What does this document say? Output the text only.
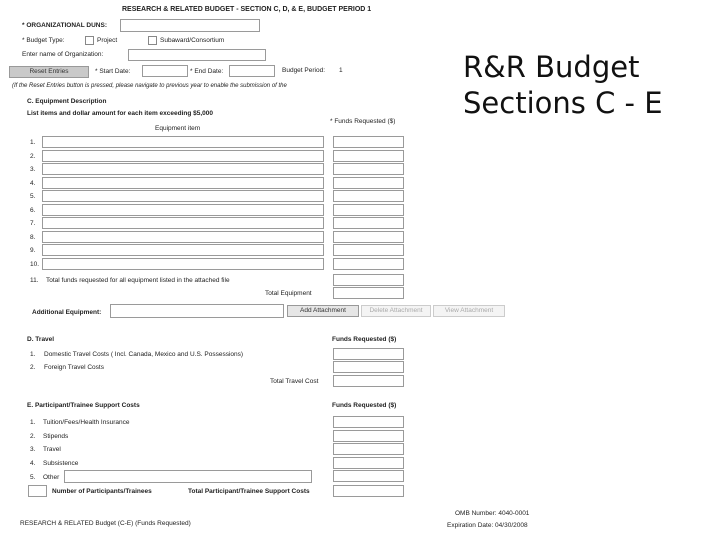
RESEARCH & RELATED BUDGET - SECTION C, D, & E, BUDGET PERIOD 1
* ORGANIZATIONAL DUNS:
* Budget Type:	Project	Subaward/Consortium
Enter name of Organization:
Reset Entries	* Start Date:	* End Date:	Budget Period: 1
(If the Reset Entries button is pressed, please navigate to previous year to enable the submission of the
C. Equipment Description
List items and dollar amount for each item exceeding $5,000
* Funds Requested ($)
Equipment item
1.
2.
3.
4.
5.
6.
7.
8.
9.
10.
11. Total funds requested for all equipment listed in the attached file
Total Equipment
Additional Equipment:	Add Attachment	Delete Attachment	View Attachment
D. Travel	Funds Requested ($)
1. Domestic Travel Costs ( Incl. Canada, Mexico and U.S. Possessions)
2. Foreign Travel Costs
Total Travel Cost
E. Participant/Trainee Support Costs	Funds Requested ($)
1. Tuition/Fees/Health Insurance
2. Stipends
3. Travel
4. Subsistence
5. Other
Number of Participants/Trainees	Total Participant/Trainee Support Costs
RESEARCH & RELATED Budget (C-E) (Funds Requested)
OMB Number: 4040-0001
Expiration Date: 04/30/2008
R&R Budget
Sections C - E
